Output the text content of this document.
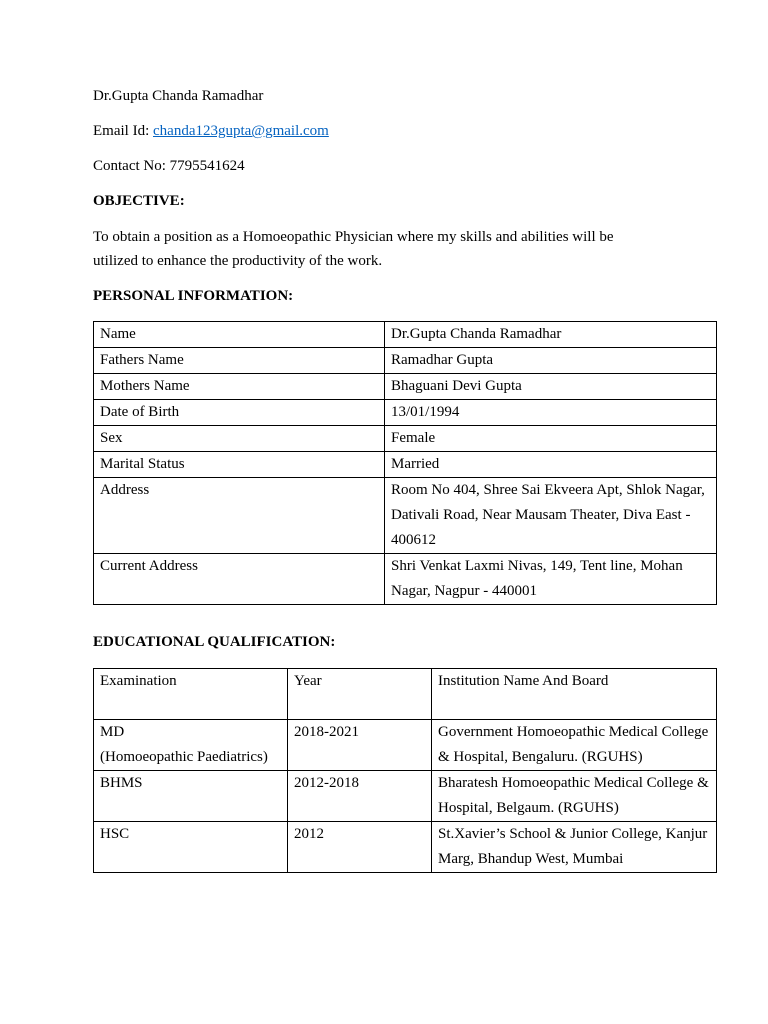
Dr.Gupta Chanda Ramadhar

Email Id: chanda123gupta@gmail.com

Contact No: 7795541624

OBJECTIVE:

To obtain a position as a Homoeopathic Physician where my skills and abilities will be

utilized to enhance the productivity of the work.

PERSONAL INFORMATION:

Name	Dr.Gupta Chanda Ramadhar
Fathers Name	Ramadhar Gupta
Mothers Name	Bhaguani Devi Gupta
Date of Birth	13/01/1994
Sex	Female
Marital Status	Married
Address	Room No 404, Shree Sai Ekveera Apt, Shlok Nagar, Dativali Road, Near Mausam Theater, Diva East - 400612
Current Address	Shri Venkat Laxmi Nivas, 149, Tent line, Mohan Nagar, Nagpur - 440001

EDUCATIONAL QUALIFICATION:

Examination	Year	Institution Name And Board
MD
(Homoeopathic Paediatrics)	2018-2021	Government Homoeopathic Medical College & Hospital, Bengaluru. (RGUHS)
BHMS	2012-2018	Bharatesh Homoeopathic Medical College & Hospital, Belgaum. (RGUHS)
HSC	2012	St.Xavier’s School & Junior College, Kanjur Marg, Bhandup West, Mumbai
